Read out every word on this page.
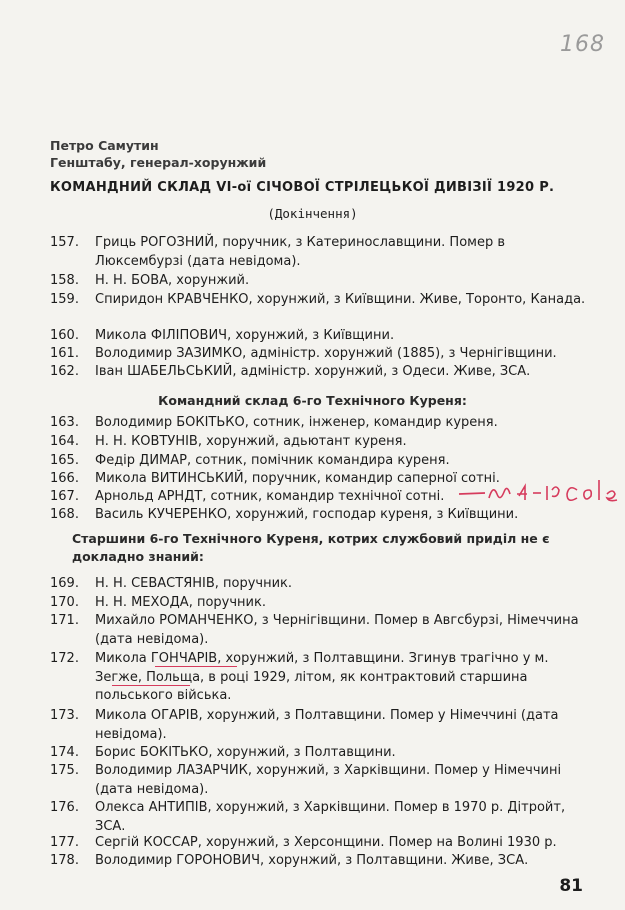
168
Петро Самутин
Генштабу, генерал-хорунжий
КОМАНДНИЙ СКЛАД VI-ої СІЧОВОЇ СТРІЛЕЦЬКОЇ ДИВІЗІЇ 1920 Р.
(Докінчення)
157.	Гриць РОГОЗНИЙ, поручник, з Катеринославщини. Помер в Люксембурзі (дата невідома).
158.	Н. Н. БОВА, хорунжий.
159.	Спиридон КРАВЧЕНКО, хорунжий, з Київщини. Живе, Торонто, Канада.
160.	Микола ФІЛІПОВИЧ, хорунжий, з Київщини.
161.	Володимир ЗАЗИМКО, адміністр. хорунжий (1885), з Чернігівщини.
162.	Іван ШАБЕЛЬСЬКИЙ, адміністр. хорунжий, з Одеси. Живе, ЗСА.
Командний склад 6-го Технічного Куреня:
163.	Володимир БОКІТЬКО, сотник, інженер, командир куреня.
164.	Н. Н. КОВТУНІВ, хорунжий, адьютант куреня.
165.	Федір ДИМАР, сотник, помічник командира куреня.
166.	Микола ВИТИНСЬКИЙ, поручник, командир саперної сотні.
167.	Арнольд АРНДТ, сотник, командир технічної сотні.
168.	Василь КУЧЕРЕНКО, хорунжий, господар куреня, з Київщини.
Старшини 6-го Технічного Куреня, котрих службовий приділ не є докладно знаний:
169.	Н. Н. СЕВАСТЯНІВ, поручник.
170.	Н. Н. МЕХОДА, поручник.
171.	Михайло РОМАНЧЕНКО, з Чернігівщини. Помер в Авгсбурзі, Німеччина (дата невідома).
172.	Микола ГОНЧАРІВ, хорунжий, з Полтавщини. Згинув трагічно у м. Зегже, Польща, в році 1929, літом, як контрактовий старшина польського війська.
173.	Микола ОГАРІВ, хорунжий, з Полтавщини. Помер у Німеччині (дата невідома).
174.	Борис БОКІТЬКО, хорунжий, з Полтавщини.
175.	Володимир ЛАЗАРЧИК, хорунжий, з Харківщини. Помер у Німеччині (дата невідома).
176.	Олекса АНТИПІВ, хорунжий, з Харківщини. Помер в 1970 р. Дітройт, ЗСА.
177.	Сергій КОССАР, хорунжий, з Херсонщини. Помер на Волині 1930 р.
178.	Володимир ГОРОНОВИЧ, хорунжий, з Полтавщини. Живе, ЗСА.
81
